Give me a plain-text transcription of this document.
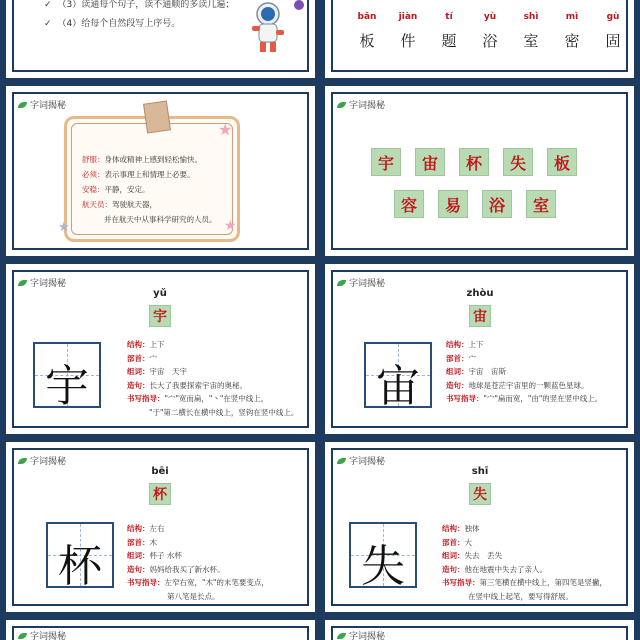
✓ （3）读通每个句子，读不通顺的多读几遍；
✓ （4）给每个自然段写上序号。
bǎn	jiàn	tí	yù	shì	mì	gù
板	件	题	浴	室	密	固
字词揭秘
★
★	★
舒服：身体或精神上感到轻松愉快。
必须：表示事理上和情理上必要。
安稳：平静，安定。
航天员：驾驶航天器，
并在航天中从事科学研究的人员。
字词揭秘
宇	宙	杯	失	板
容	易	浴	室
字词揭秘
yǔ
宇
宇
结构：上下
部首：宀
组词：宇宙　天宇
造句：长大了我要探索宇宙的奥秘。
书写指导："宀"宽而扁，"丶"在竖中线上，
"于"第二横长在横中线上，竖钩在竖中线上。
字词揭秘
zhòu
宙
宙
结构：上下
部首：宀
组词：宇宙　宙斯
造句：地球是苍茫宇宙里的一颗蓝色星球。
书写指导："宀"扁而宽，"由"的竖在竖中线上。
字词揭秘
bēi
杯
杯
结构：左右
部首：木
组词：杯子 水杯
造句：妈妈给我买了新水杯。
书写指导：左窄右宽，"木"的末笔要变点，
第八笔是长点。
字词揭秘
shī
失
失
结构：独体
部首：大
组词：失去　丢失
造句：他在地震中失去了亲人。
书写指导：第三笔横在横中线上，第四笔是竖撇，
在竖中线上起笔，要写得舒展。
字词揭秘	字词揭秘
